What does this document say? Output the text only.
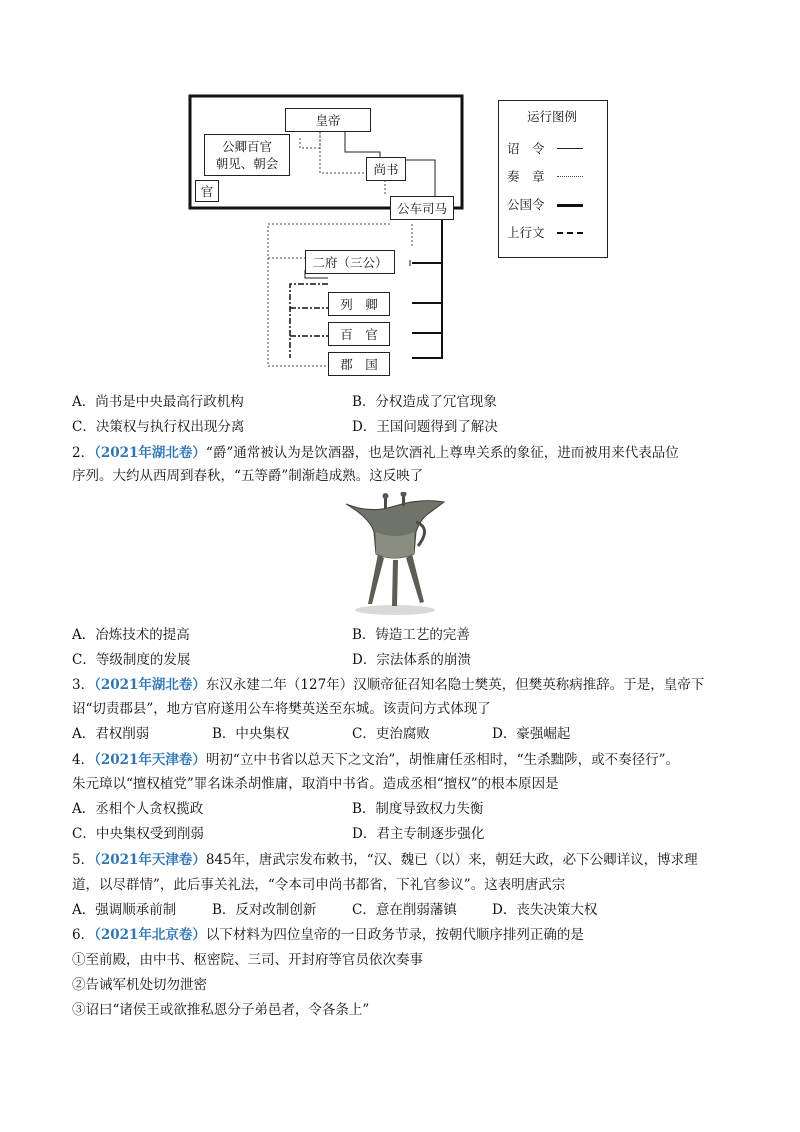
皇帝
公卿百官
朝见、朝会
官
尚书
公车司马
二府（三公）
列　卿
百　官
郡　国
运行图例
诏　令
奏　章
公国令
上行文
A．尚书是中央最高行政机构	B．分权造成了冗官现象
C．决策权与执行权出现分离	D．王国问题得到了解决
2．（2021年湖北卷）“爵”通常被认为是饮酒器，也是饮酒礼上尊卑关系的象征，进而被用来代表品位
序列。大约从西周到春秋，“五等爵”制渐趋成熟。这反映了
A．冶炼技术的提高	B．铸造工艺的完善
C．等级制度的发展	D．宗法体系的崩溃
3．（2021年湖北卷）东汉永建二年（127年）汉顺帝征召知名隐士樊英，但樊英称病推辞。于是，皇帝下
诏“切责郡县”，地方官府遂用公车将樊英送至东城。该责问方式体现了
A．君权削弱	B．中央集权	C．吏治腐败	D．豪强崛起
4．（2021年天津卷）明初“立中书省以总天下之文治”，胡惟庸任丞相时，“生杀黜陟，或不奏径行”。
朱元璋以“擅权植党”罪名诛杀胡惟庸，取消中书省。造成丞相“擅权”的根本原因是
A．丞相个人贪权揽政	B．制度导致权力失衡
C．中央集权受到削弱	D．君主专制逐步强化
5．（2021年天津卷）845年，唐武宗发布敕书，“汉、魏已（以）来，朝廷大政，必下公卿详议，博求理
道，以尽群情”，此后事关礼法，“令本司申尚书都省，下礼官参议”。这表明唐武宗
A．强调顺承前制	B．反对改制创新	C．意在削弱藩镇	D．丧失决策大权
6．（2021年北京卷）以下材料为四位皇帝的一日政务节录，按朝代顺序排列正确的是
①至前殿，由中书、枢密院、三司、开封府等官员依次奏事
②告诫军机处切勿泄密
③诏曰“诸侯王或欲推私恩分子弟邑者，令各条上”
